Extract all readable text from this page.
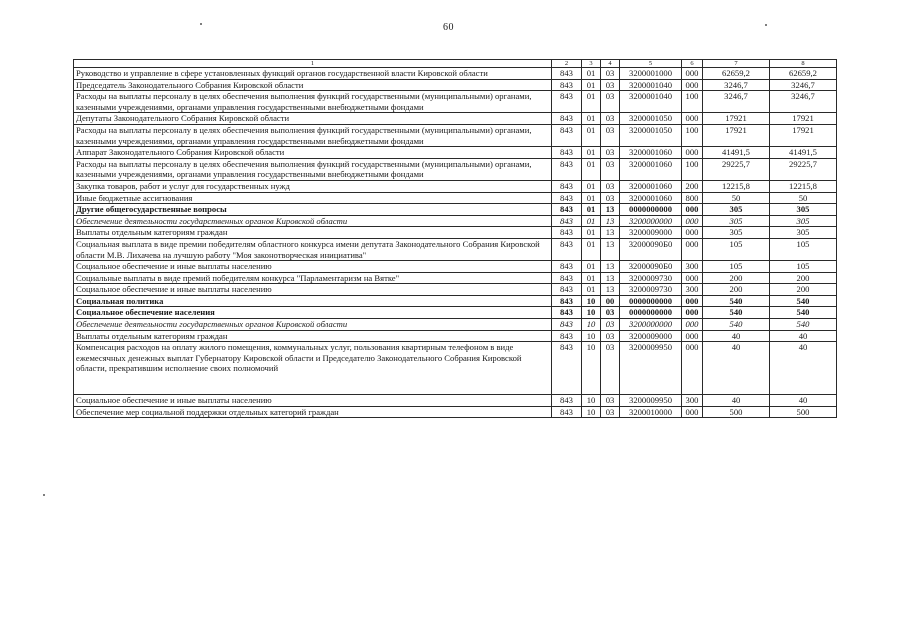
60
1	2	3	4	5	6	7	8
Руководство и управление в сфере установленных функций органов государственной власти Кировской области	843	01	03	3200001000	000	62659,2	62659,2
Председатель Законодательного Собрания Кировской области	843	01	03	3200001040	000	3246,7	3246,7
Расходы на выплаты персоналу в целях обеспечения выполнения функций государственными (муниципальными) органами, казенными учреждениями, органами управления государственными внебюджетными фондами	843	01	03	3200001040	100	3246,7	3246,7
Депутаты Законодательного Собрания Кировской области	843	01	03	3200001050	000	17921	17921
Расходы на выплаты персоналу в целях обеспечения выполнения функций государственными (муниципальными) органами, казенными учреждениями, органами управления государственными внебюджетными фондами	843	01	03	3200001050	100	17921	17921
Аппарат Законодательного Собрания Кировской области	843	01	03	3200001060	000	41491,5	41491,5
Расходы на выплаты персоналу в целях обеспечения выполнения функций государственными (муниципальными) органами, казенными учреждениями, органами управления государственными внебюджетными фондами	843	01	03	3200001060	100	29225,7	29225,7
Закупка товаров, работ и услуг для государственных нужд	843	01	03	3200001060	200	12215,8	12215,8
Иные бюджетные ассигнования	843	01	03	3200001060	800	50	50
Другие общегосударственные вопросы	843	01	13	0000000000	000	305	305
Обеспечение деятельности государственных органов Кировской области	843	01	13	3200000000	000	305	305
Выплаты отдельным категориям граждан	843	01	13	3200009000	000	305	305
Социальная выплата в виде премии победителям областного конкурса имени депутата Законодательного Собрания Кировской области М.В. Лихачева на лучшую работу "Моя законотворческая инициатива"	843	01	13	32000090Б0	000	105	105
Социальное обеспечение и иные выплаты населению	843	01	13	32000090Б0	300	105	105
Социальные выплаты в виде премий победителям конкурса "Парламентаризм на Вятке"	843	01	13	3200009730	000	200	200
Социальное обеспечение и иные выплаты населению	843	01	13	3200009730	300	200	200
Социальная политика	843	10	00	0000000000	000	540	540
Социальное обеспечение населения	843	10	03	0000000000	000	540	540
Обеспечение деятельности государственных органов Кировской области	843	10	03	3200000000	000	540	540
Выплаты отдельным категориям граждан	843	10	03	3200009000	000	40	40
Компенсация расходов на оплату жилого помещения, коммунальных услуг, пользования квартирным телефоном в виде ежемесячных денежных выплат Губернатору Кировской области и Председателю Законодательного Собрания Кировской области, прекратившим исполнение своих полномочий	843	10	03	3200009950	000	40	40
Социальное обеспечение и иные выплаты населению	843	10	03	3200009950	300	40	40
Обеспечение мер социальной поддержки отдельных категорий граждан	843	10	03	3200010000	000	500	500
